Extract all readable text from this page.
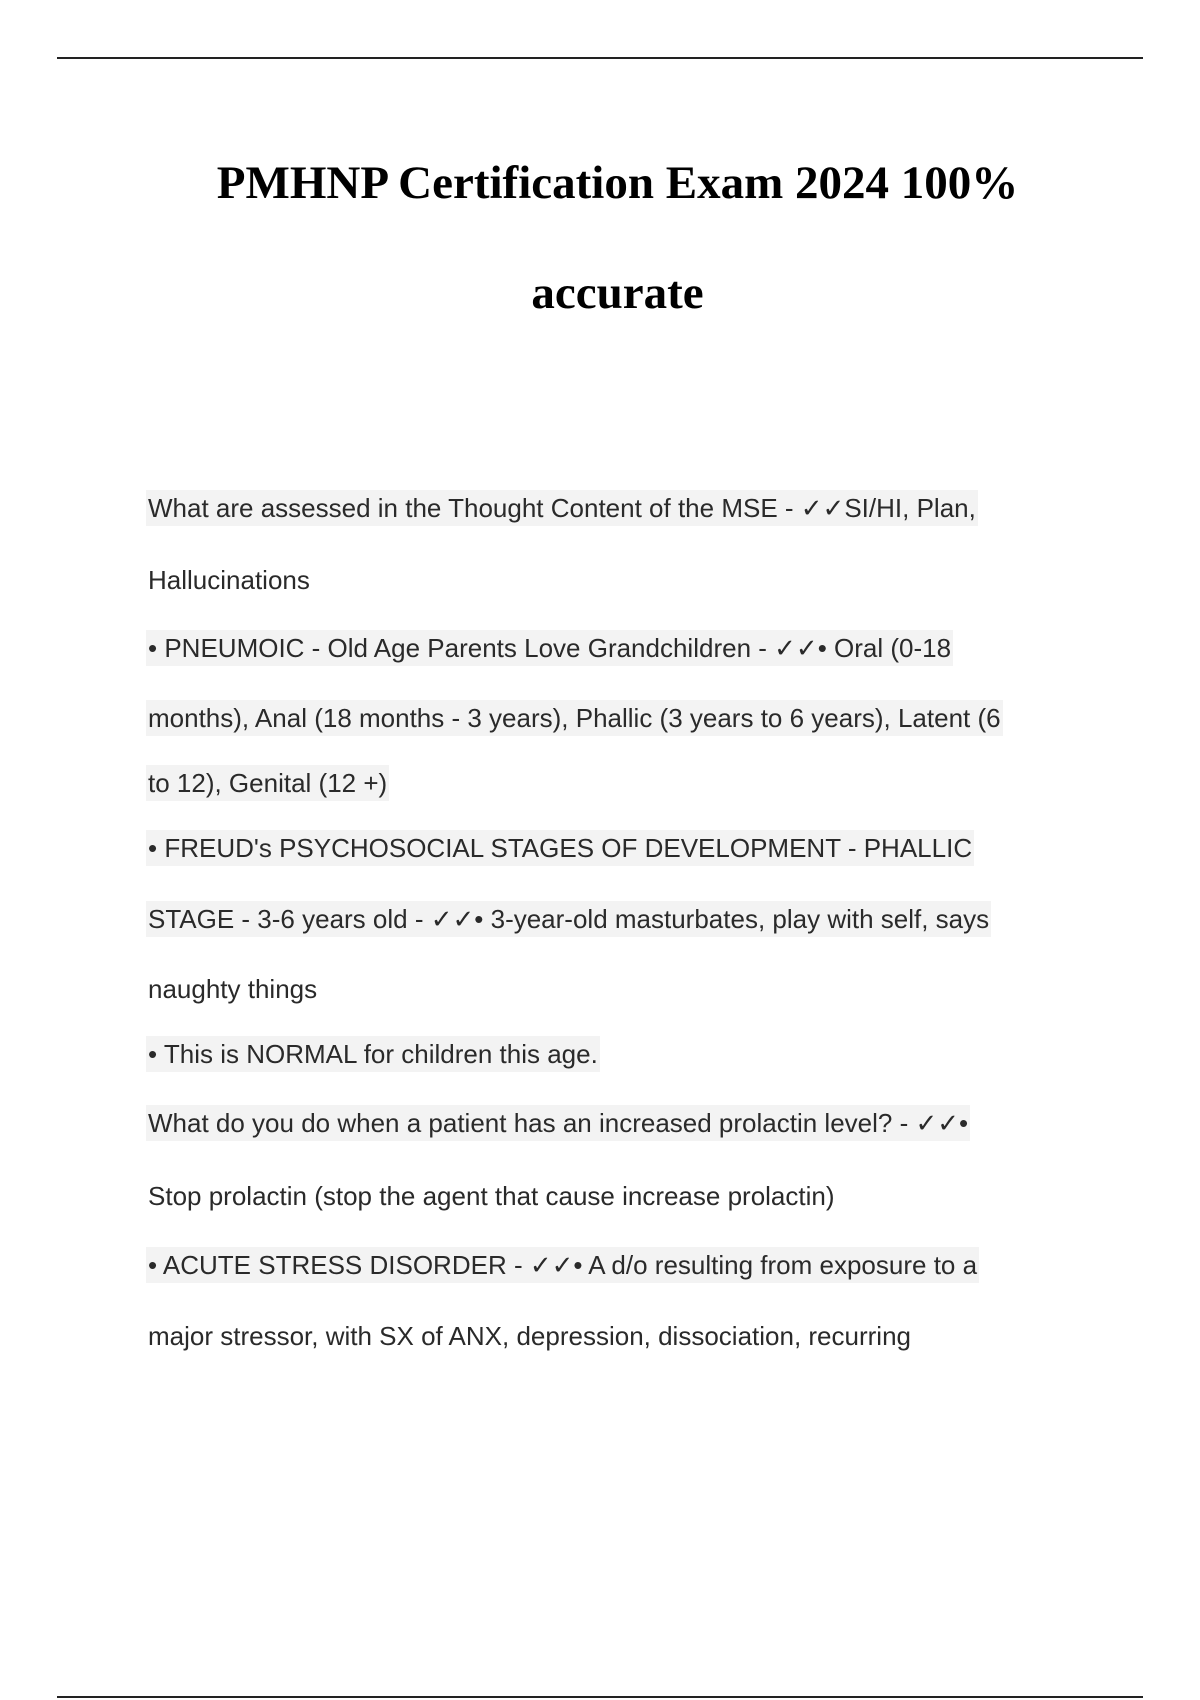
PMHNP Certification Exam 2024 100%
accurate
What are assessed in the Thought Content of the MSE - ✓✓SI/HI, Plan,
Hallucinations
• PNEUMOIC - Old Age Parents Love Grandchildren - ✓✓• Oral (0-18
months), Anal (18 months - 3 years), Phallic (3 years to 6 years), Latent (6
to 12), Genital (12 +)
• FREUD's PSYCHOSOCIAL STAGES OF DEVELOPMENT - PHALLIC
STAGE - 3-6 years old - ✓✓• 3-year-old masturbates, play with self, says
naughty things
• This is NORMAL for children this age.
What do you do when a patient has an increased prolactin level? - ✓✓•
Stop prolactin (stop the agent that cause increase prolactin)
• ACUTE STRESS DISORDER - ✓✓• A d/o resulting from exposure to a
major stressor, with SX of ANX, depression, dissociation, recurring
